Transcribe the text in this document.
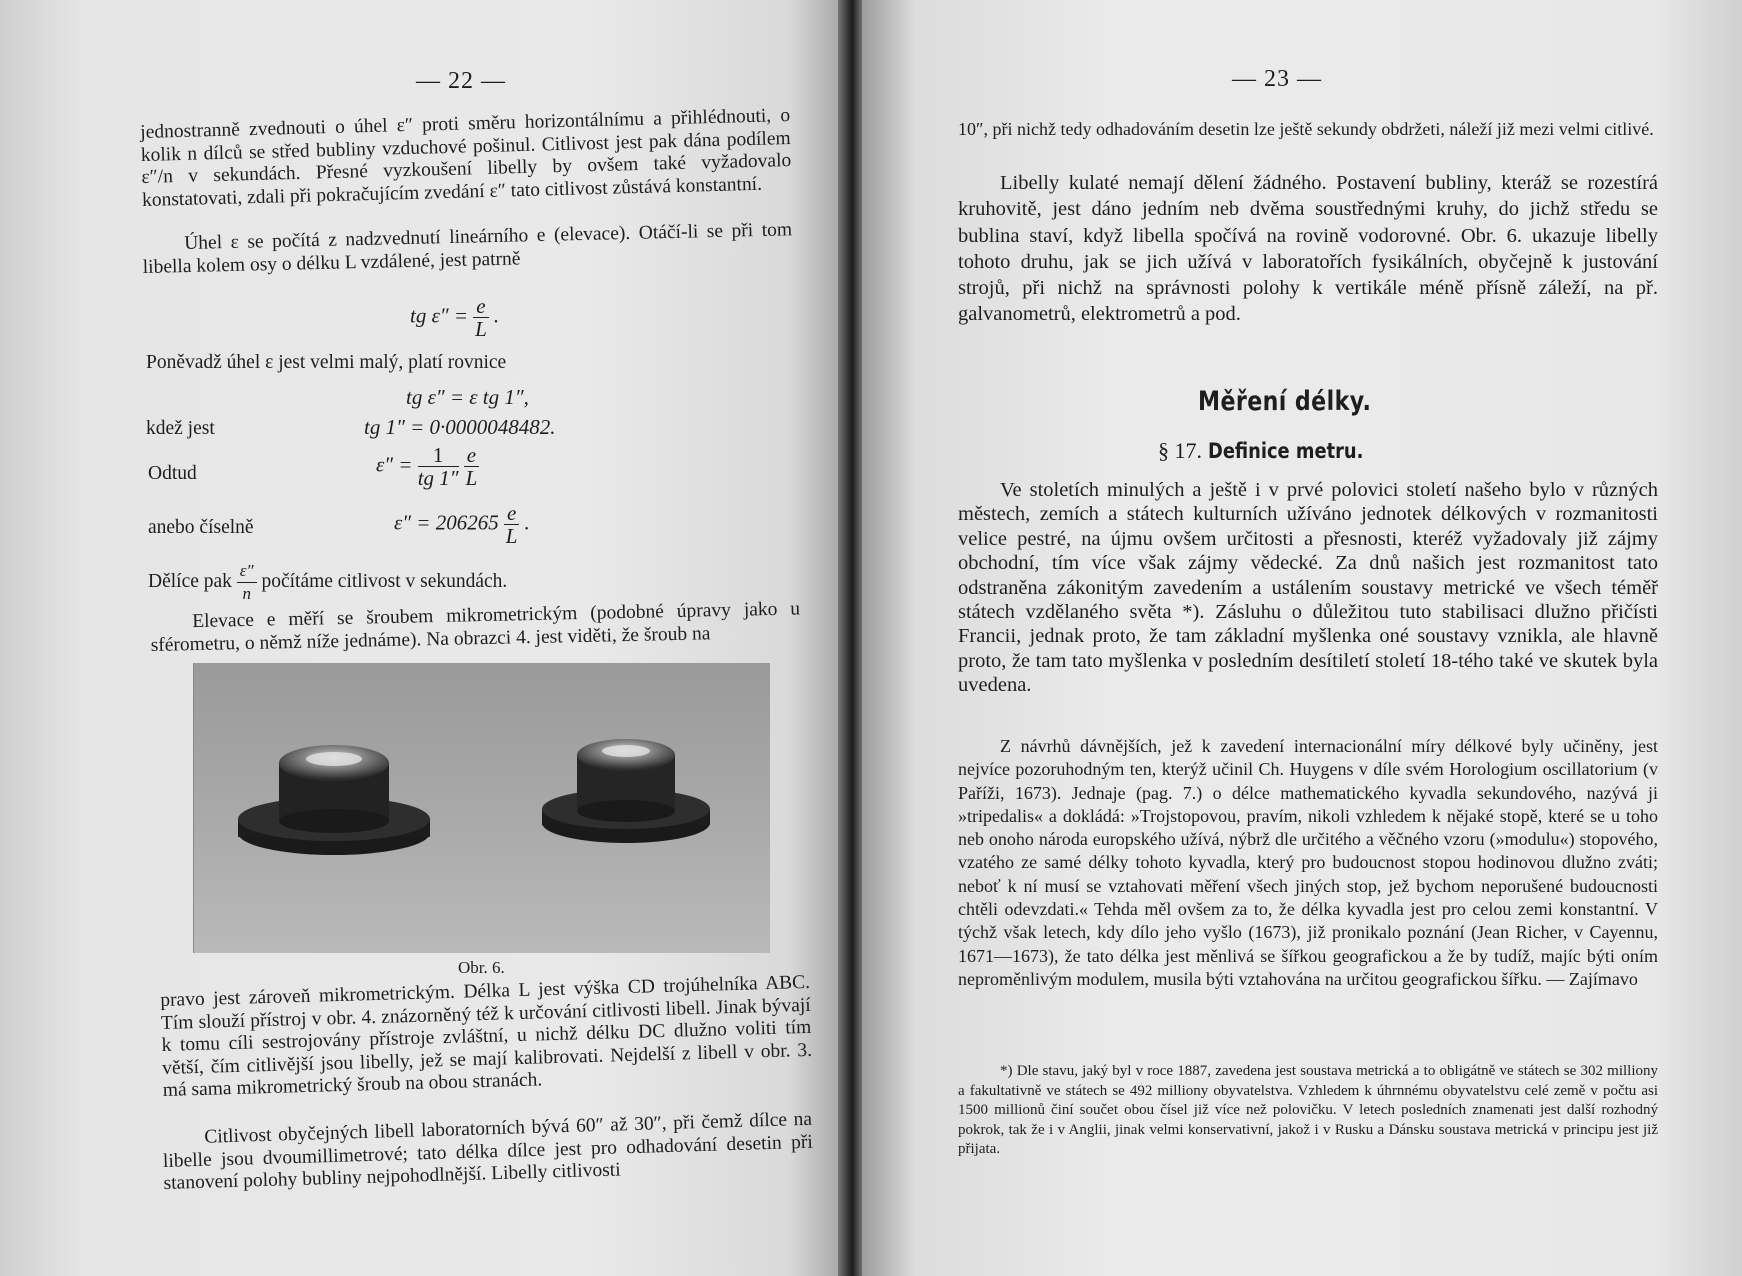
— 22 —
jednostranně zvednouti o úhel ε″ proti směru horizontálnímu a přihlédnouti, o kolik n dílců se střed bubliny vzduchové pošinul. Citlivost jest pak dána podílem ε″/n v sekundách. Přesné vyzkoušení libelly by ovšem také vyžadovalo konstatovati, zdali při pokračujícím zvedání ε″ tato citlivost zůstává konstantní.
Úhel ε se počítá z nadzvednutí lineárního e (elevace). Otáčí-li se při tom libella kolem osy o délku L vzdálené, jest patrně
tg $\varepsilon'' = \frac{e}{L}$ .
Poněvadž úhel ε jest velmi malý, platí rovnice
tg ε″ = ε tg 1″,
kdež jest	tg 1″ = 0·0000048482.
Odtud	$\varepsilon'' = \frac{1}{tg 1''}$
$\frac{e}{L}$
anebo číselně	$\varepsilon'' = 206265 \frac{e}{L}$ .
Dělíce pak $\frac{\varepsilon''}{n}$ počítáme citlivost v sekundách.
Elevace e měří se šroubem mikrometrickým (podobné úpravy jako u sférometru, o němž níže jednáme). Na obrazci 4. jest viděti, že šroub na
Obr. 6.
pravo jest zároveň mikrometrickým. Délka L jest výška CD trojúhelníka ABC. Tím slouží přístroj v obr. 4. znázorněný též k určování citlivosti libell. Jinak bývají k tomu cíli sestrojovány přístroje zvláštní, u nichž délku DC dlužno voliti tím větší, čím citlivější jsou libelly, jež se mají kalibrovati. Nejdelší z libell v obr. 3. má sama mikrometrický šroub na obou stranách.
Citlivost obyčejných libell laboratorních bývá 60″ až 30″, při čemž dílce na libelle jsou dvoumillimetrové; tato délka dílce jest pro odhadování desetin při stanovení polohy bubliny nejpohodlnější. Libelly citlivosti
— 23 —
10″, při nichž tedy odhadováním desetin lze ještě sekundy obdržeti, náleží již mezi velmi citlivé.
Libelly kulaté nemají dělení žádného. Postavení bubliny, kteráž se rozestírá kruhovitě, jest dáno jedním neb dvěma soustřednými kruhy, do jichž středu se bublina staví, když libella spočívá na rovině vodorovné. Obr. 6. ukazuje libelly tohoto druhu, jak se jich užívá v laboratořích fysikálních, obyčejně k justování strojů, při nichž na správnosti polohy k vertikále méně přísně záleží, na př. galvanometrů, elektrometrů a pod.
Měření délky.
§ 17. Definice metru.
Ve stoletích minulých a ještě i v prvé polovici století našeho bylo v různých městech, zemích a státech kulturních užíváno jednotek délkových v rozmanitosti velice pestré, na újmu ovšem určitosti a přesnosti, kteréž vyžadovaly již zájmy obchodní, tím více však zájmy vědecké. Za dnů našich jest rozmanitost tato odstraněna zákonitým zavedením a ustálením soustavy metrické ve všech téměř státech vzdělaného světa *). Zásluhu o důležitou tuto stabilisaci dlužno přičísti Francii, jednak proto, že tam základní myšlenka oné soustavy vznikla, ale hlavně proto, že tam tato myšlenka v posledním desítiletí století 18-tého také ve skutek byla uvedena.
Z návrhů dávnějších, jež k zavedení internacionální míry délkové byly učiněny, jest nejvíce pozoruhodným ten, kterýž učinil Ch. Huygens v díle svém Horologium oscillatorium (v Paříži, 1673). Jednaje (pag. 7.) o délce mathematického kyvadla sekundového, nazývá ji »tripedalis« a dokládá: »Trojstopovou, pravím, nikoli vzhledem k nějaké stopě, které se u toho neb onoho národa europského užívá, nýbrž dle určitého a věčného vzoru (»modulu«) stopového, vzatého ze samé délky tohoto kyvadla, který pro budoucnost stopou hodinovou dlužno zváti; neboť k ní musí se vztahovati měření všech jiných stop, jež bychom neporušené budoucnosti chtěli odevzdati.« Tehda měl ovšem za to, že délka kyvadla jest pro celou zemi konstantní. V týchž však letech, kdy dílo jeho vyšlo (1673), již pronikalo poznání (Jean Richer, v Cayennu, 1671—1673), že tato délka jest měnlivá se šířkou geografickou a že by tudíž, majíc býti oním neproměnlivým modulem, musila býti vztahována na určitou geografickou šířku. — Zajímavo
*) Dle stavu, jaký byl v roce 1887, zavedena jest soustava metrická a to obligátně ve státech se 302 milliony a fakultativně ve státech se 492 milliony obyvatelstva. Vzhledem k úhrnnému obyvatelstvu celé země v počtu asi 1500 millionů činí součet obou čísel již více než polovičku. V letech posledních znamenati jest další rozhodný pokrok, tak že i v Anglii, jinak velmi konservativní, jakož i v Rusku a Dánsku soustava metrická v principu jest již přijata.
